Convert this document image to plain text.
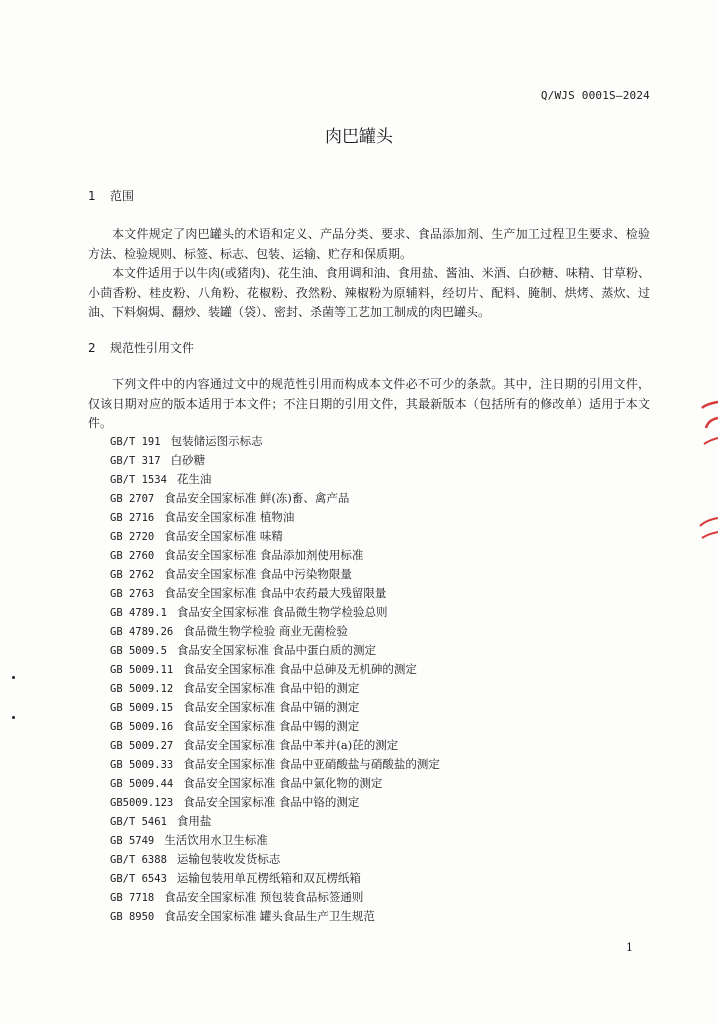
Q/WJS 0001S—2024
肉巴罐头
1 范围

本文件规定了肉巴罐头的术语和定义、产品分类、要求、食品添加剂、生产加工过程卫生要求、检验方法、检验规则、标签、标志、包装、运输、贮存和保质期。

本文件适用于以牛肉(或猪肉)、花生油、食用调和油、食用盐、酱油、米酒、白砂糖、味精、甘草粉、小茴香粉、桂皮粉、八角粉、花椒粉、孜然粉、辣椒粉为原辅料，经切片、配料、腌制、烘烤、蒸炊、过油、下料焖焗、翻炒、装罐（袋）、密封、杀菌等工艺加工制成的肉巴罐头。

2 规范性引用文件

下列文件中的内容通过文中的规范性引用而构成本文件必不可少的条款。其中，注日期的引用文件，仅该日期对应的版本适用于本文件；不注日期的引用文件，其最新版本（包括所有的修改单）适用于本文件。

GB/T 191 包装储运图示标志
GB/T 317 白砂糖
GB/T 1534 花生油
GB 2707 食品安全国家标准 鲜(冻)畜、禽产品
GB 2716 食品安全国家标准 植物油
GB 2720 食品安全国家标准 味精
GB 2760 食品安全国家标准 食品添加剂使用标准
GB 2762 食品安全国家标准 食品中污染物限量
GB 2763 食品安全国家标准 食品中农药最大残留限量
GB 4789.1 食品安全国家标准 食品微生物学检验总则
GB 4789.26 食品微生物学检验 商业无菌检验
GB 5009.5 食品安全国家标准 食品中蛋白质的测定
GB 5009.11 食品安全国家标准 食品中总砷及无机砷的测定
GB 5009.12 食品安全国家标准 食品中铅的测定
GB 5009.15 食品安全国家标准 食品中镉的测定
GB 5009.16 食品安全国家标准 食品中锡的测定
GB 5009.27 食品安全国家标准 食品中苯并(a)芘的测定
GB 5009.33 食品安全国家标准 食品中亚硝酸盐与硝酸盐的测定
GB 5009.44 食品安全国家标准 食品中氯化物的测定
GB5009.123 食品安全国家标准 食品中铬的测定
GB/T 5461 食用盐
GB 5749 生活饮用水卫生标准
GB/T 6388 运输包装收发货标志
GB/T 6543 运输包装用单瓦楞纸箱和双瓦楞纸箱
GB 7718 食品安全国家标准 预包装食品标签通则
GB 8950 食品安全国家标准 罐头食品生产卫生规范
1
